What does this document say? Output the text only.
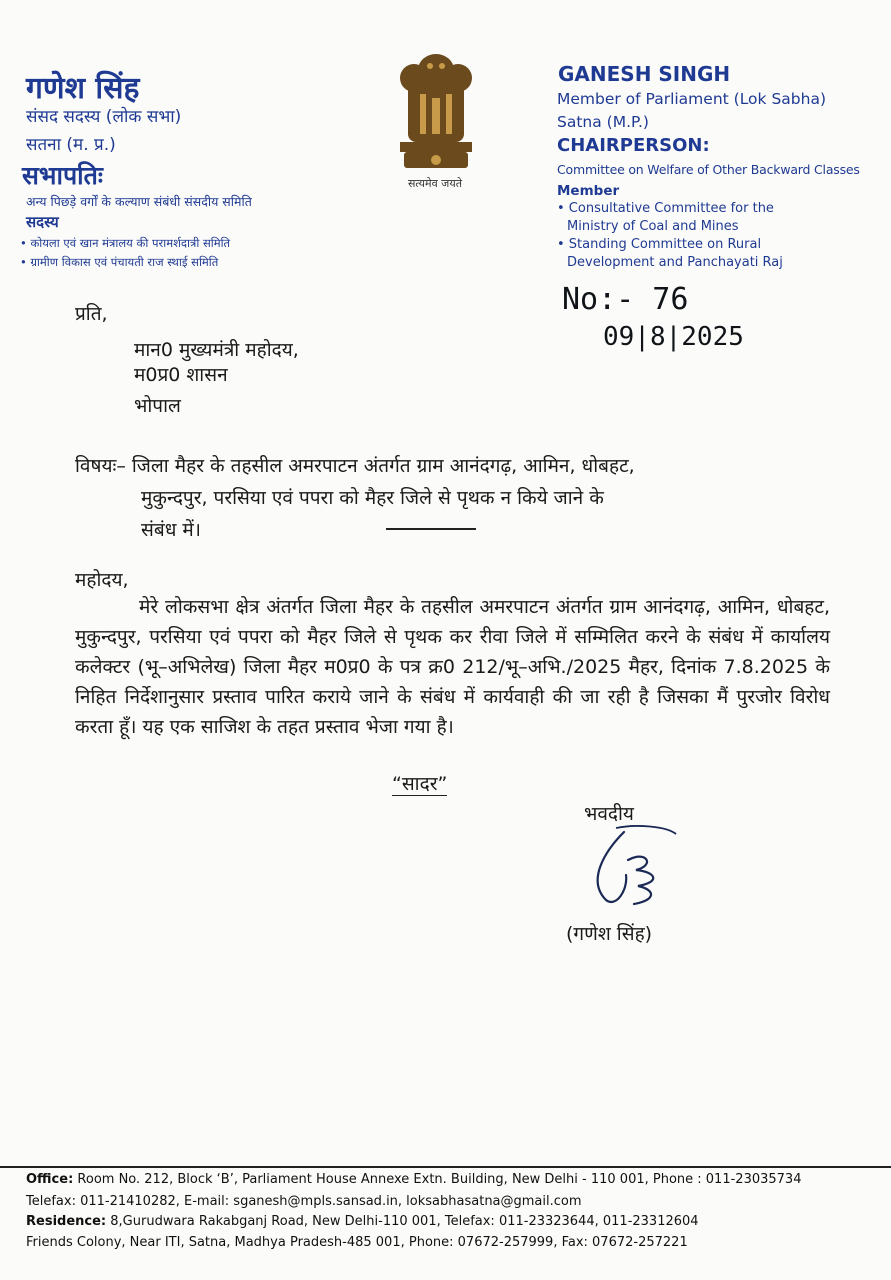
गणेश सिंह
संसद सदस्य (लोक सभा)
सतना (म. प्र.)
सभापतिः
अन्य पिछड़े वर्गों के कल्याण संबंधी संसदीय समिति
सदस्य
• कोयला एवं खान मंत्रालय की परामर्शदात्री समिति
• ग्रामीण विकास एवं पंचायती राज स्थाई समिति
सत्यमेव जयते
GANESH SINGH
Member of Parliament (Lok Sabha)
Satna (M.P.)
CHAIRPERSON:
Committee on Welfare of Other Backward Classes
Member
• Consultative Committee for the
Ministry of Coal and Mines
• Standing Committee on Rural
Development and Panchayati Raj
No:- 76
09|8|2025
प्रति,
मान0 मुख्यमंत्री महोदय,
म0प्र0 शासन
भोपाल
विषयः– जिला मैहर के तहसील अमरपाटन अंतर्गत ग्राम आनंदगढ़, आमिन, धोबहट,
मुकुन्दपुर, परसिया एवं पपरा को मैहर जिले से पृथक न किये जाने के
संबंध में।
महोदय,
मेरे लोकसभा क्षेत्र अंतर्गत जिला मैहर के तहसील अमरपाटन अंतर्गत ग्राम आनंदगढ़, आमिन, धोबहट, मुकुन्दपुर, परसिया एवं पपरा को मैहर जिले से पृथक कर रीवा जिले में सम्मिलित करने के संबंध में कार्यालय कलेक्टर (भू–अभिलेख) जिला मैहर म0प्र0 के पत्र क्र0 212/भू–अभि./2025 मैहर, दिनांक 7.8.2025 के निहित निर्देशानुसार प्रस्ताव पारित कराये जाने के संबंध में कार्यवाही की जा रही है जिसका मैं पुरजोर विरोध करता हूँ। यह एक साजिश के तहत प्रस्ताव भेजा गया है।
“सादर”
भवदीय
(गणेश सिंह)
Office: Room No. 212, Block ‘B’, Parliament House Annexe Extn. Building, New Delhi - 110 001, Phone : 011-23035734
Telefax: 011-21410282, E-mail: sganesh@mpls.sansad.in, loksabhasatna@gmail.com
Residence: 8,Gurudwara Rakabganj Road, New Delhi-110 001, Telefax: 011-23323644, 011-23312604
Friends Colony, Near ITI, Satna, Madhya Pradesh-485 001, Phone: 07672-257999, Fax: 07672-257221
